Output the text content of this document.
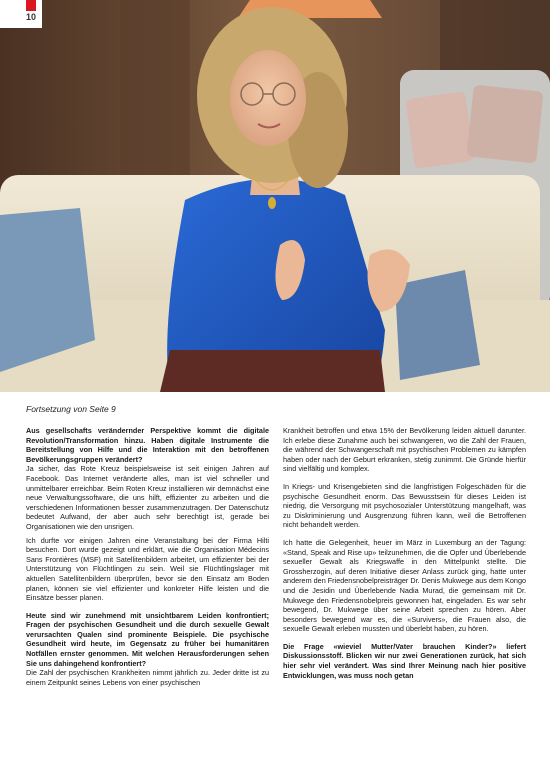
10
Fortsetzung von Seite 9

Aus gesellschafts verändernder Perspektive kommt die digitale Revolution/Transformation hinzu. Haben digitale Instrumente die Bereitstellung von Hilfe und die Interaktion mit den betroffenen Bevölkerungsgruppen verändert?

Ja sicher, das Rote Kreuz beispielsweise ist seit einigen Jahren auf Facebook. Das Internet veränderte alles, man ist viel schneller und unmittelbarer erreichbar. Beim Roten Kreuz installieren wir demnächst eine neue Verwaltungssoftware, die uns hilft, effizienter zu arbeiten und die verschiedenen Informationen besser zusammenzutragen. Der Datenschutz bedeutet Aufwand, der aber auch sehr berechtigt ist, gerade bei Organisationen wie den unsrigen.

Ich durfte vor einigen Jahren eine Veranstaltung bei der Firma Hilti besuchen. Dort wurde gezeigt und erklärt, wie die Organisation Médecins Sans Frontières (MSF) mit Satellitenbildern arbeitet, um effizienter bei der Unterstützung von Flüchtlingen zu sein. Weil sie Flüchtlingslager mit aktuellen Satellitenbildern überprüfen, bevor sie den Einsatz am Boden planen, können sie viel effizienter und konkreter Hilfe leisten und die Einsätze besser planen.

Heute sind wir zunehmend mit unsichtbarem Leiden konfrontiert; Fragen der psychischen Gesundheit und die durch sexuelle Gewalt verursachten Qualen sind prominente Beispiele. Die psychische Gesundheit wird heute, im Gegensatz zu früher bei humanitären Notfällen ernster genommen. Mit welchen Herausforderungen sehen Sie uns dahingehend konfrontiert?

Die Zahl der psychischen Krankheiten nimmt jährlich zu. Jeder dritte ist zu einem Zeitpunkt seines Lebens von einer psychischen

Krankheit betroffen und etwa 15% der Bevölkerung leiden aktuell darunter. Ich erlebe diese Zunahme auch bei schwangeren, wo die Zahl der Frauen, die während der Schwangerschaft mit psychischen Problemen zu kämpfen haben oder nach der Geburt erkranken, stetig zunimmt. Die Gründe hierfür sind vielfältig und komplex.

In Kriegs- und Krisengebieten sind die langfristigen Folgeschäden für die psychische Gesundheit enorm. Das Bewusstsein für dieses Leiden ist niedrig, die Versorgung mit psychosozialer Unterstützung mangelhaft, was zu Diskriminierung und Ausgrenzung führen kann, weil die Betroffenen nicht behandelt werden.

Ich hatte die Gelegenheit, heuer im März in Luxemburg an der Tagung: «Stand, Speak and Rise up» teilzunehmen, die die Opfer und Überlebende sexueller Gewalt als Kriegswaffe in den Mittelpunkt stellte. Die Grossherzogin, auf deren Initiative dieser Anlass zurück ging, hatte unter anderem den Friedensnobelpreisträger Dr. Denis Mukwege aus dem Kongo und die Jesidin und Überlebende Nadia Murad, die gemeinsam mit Dr. Mukwege den Friedensnobelpreis gewonnen hat, eingeladen. Es war sehr bewegend, Dr. Mukwege über seine Arbeit sprechen zu hören. Aber besonders bewegend war es, die «Survivers», die Frauen also, die sexuelle Gewalt erleben mussten und überlebt haben, zu hören.

Die Frage «wieviel Mutter/Vater brauchen Kinder?» liefert Diskussionsstoff. Blicken wir nur zwei Generationen zurück, hat sich hier sehr viel verändert. Was sind Ihrer Meinung nach hier positive Entwicklungen, was muss noch getan
